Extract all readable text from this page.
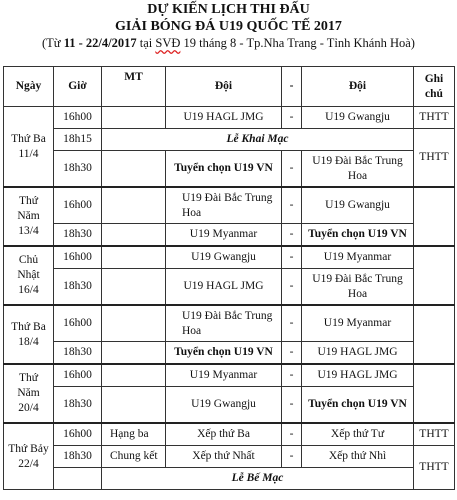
DỰ KIẾN LỊCH THI ĐẤU
GIẢI BÓNG ĐÁ U19 QUỐC TẾ 2017
(Từ 11 - 22/4/2017 tại SVĐ 19 tháng 8 - Tp.Nha Trang - Tỉnh Khánh Hoà)
Ngày	Giờ	MT	Đội	-	Đội	Ghi chú
Thứ Ba 11/4	16h00		U19 HAGL JMG	-	U19 Gwangju	THTT
	18h15	Lễ Khai Mạc				THTT
	18h30		Tuyển chọn U19 VN	-	U19 Đài Bắc Trung Hoa	
Thứ Năm 13/4	16h00		U19 Đài Bắc Trung Hoa	-	U19 Gwangju	
	18h30		U19 Myanmar	-	Tuyển chọn U19 VN	
Chủ Nhật 16/4	16h00		U19 Gwangju	-	U19 Myanmar	
	18h30		U19 HAGL JMG	-	U19 Đài Bắc Trung Hoa	
Thứ Ba 18/4	16h00		U19 Đài Bắc Trung Hoa	-	U19 Myanmar	
	18h30		Tuyển chọn U19 VN	-	U19 HAGL JMG	
Thứ Năm 20/4	16h00		U19 Myanmar	-	U19 HAGL JMG	
	18h30		U19 Gwangju	-	Tuyển chọn U19 VN	
Thứ Bảy 22/4	16h00	Hạng ba	Xếp thứ Ba	-	Xếp thứ Tư	THTT
	18h30	Chung kết	Xếp thứ Nhất	-	Xếp thứ Nhì	THTT
		Lễ Bế Mạc				
